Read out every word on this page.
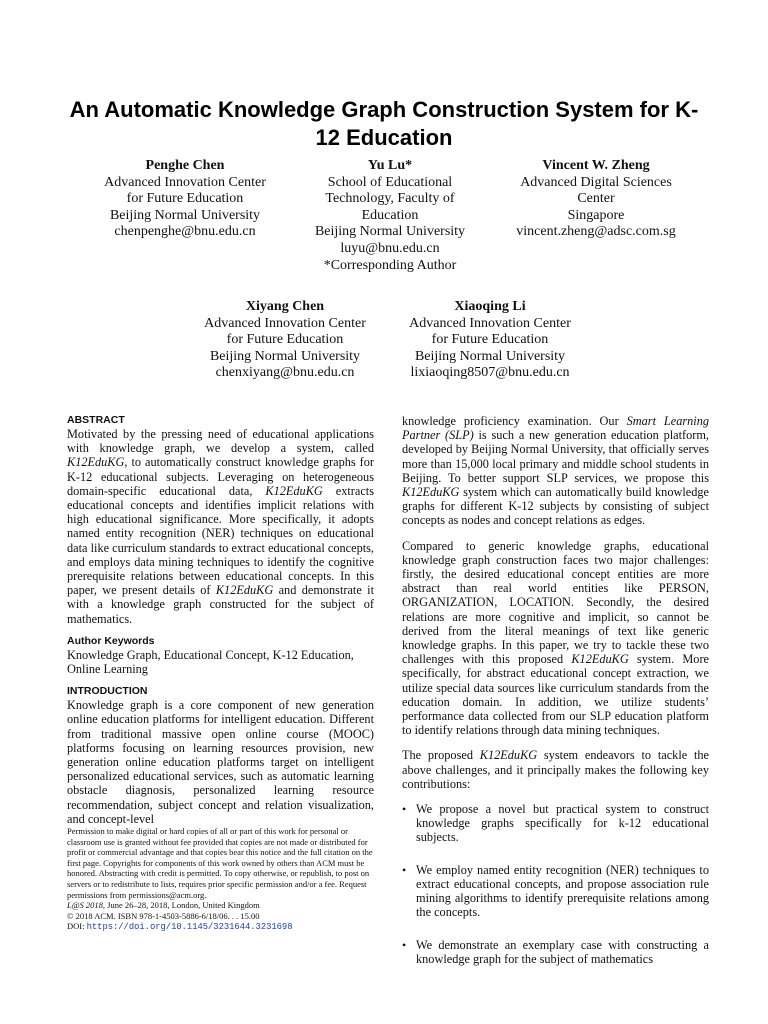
An Automatic Knowledge Graph Construction System for K-12 Education
Penghe Chen
Advanced Innovation Center
for Future Education
Beijing Normal University
chenpenghe@bnu.edu.cn
Yu Lu*
School of Educational
Technology, Faculty of
Education
Beijing Normal University
luyu@bnu.edu.cn
*Corresponding Author
Vincent W. Zheng
Advanced Digital Sciences
Center
Singapore
vincent.zheng@adsc.com.sg
Xiyang Chen
Advanced Innovation Center
for Future Education
Beijing Normal University
chenxiyang@bnu.edu.cn
Xiaoqing Li
Advanced Innovation Center
for Future Education
Beijing Normal University
lixiaoqing8507@bnu.edu.cn
ABSTRACT

Motivated by the pressing need of educational applications with knowledge graph, we develop a system, called K12EduKG, to automatically construct knowledge graphs for K-12 educational subjects. Leveraging on heterogeneous domain-specific educational data, K12EduKG extracts educational concepts and identifies implicit relations with high educational significance. More specifically, it adopts named entity recognition (NER) techniques on educational data like curriculum standards to extract educational concepts, and employs data mining techniques to identify the cognitive prerequisite relations between educational concepts. In this paper, we present details of K12EduKG and demonstrate it with a knowledge graph constructed for the subject of mathematics.

Author Keywords

Knowledge Graph, Educational Concept, K-12 Education, Online Learning

INTRODUCTION

Knowledge graph is a core component of new generation online education platforms for intelligent education. Different from traditional massive open online course (MOOC) platforms focusing on learning resources provision, new generation online education platforms target on intelligent personalized educational services, such as automatic learning obstacle diagnosis, personalized learning resource recommendation, subject concept and relation visualization, and concept-level

Permission to make digital or hard copies of all or part of this work for personal or classroom use is granted without fee provided that copies are not made or distributed for profit or commercial advantage and that copies bear this notice and the full citation on the first page. Copyrights for components of this work owned by others than ACM must be honored. Abstracting with credit is permitted. To copy otherwise, or republish, to post on servers or to redistribute to lists, requires prior specific permission and/or a fee. Request permissions from permissions@acm.org.
L@S 2018, June 26–28, 2018, London, United Kingdom
© 2018 ACM. ISBN 978-1-4503-5886-6/18/06. . . 15.00
DOI: https://doi.org/10.1145/3231644.3231698

knowledge proficiency examination. Our Smart Learning Partner (SLP) is such a new generation education platform, developed by Beijing Normal University, that officially serves more than 15,000 local primary and middle school students in Beijing. To better support SLP services, we propose this K12EduKG system which can automatically build knowledge graphs for different K-12 subjects by consisting of subject concepts as nodes and concept relations as edges.

Compared to generic knowledge graphs, educational knowledge graph construction faces two major challenges: firstly, the desired educational concept entities are more abstract than real world entities like PERSON, ORGANIZATION, LOCATION. Secondly, the desired relations are more cognitive and implicit, so cannot be derived from the literal meanings of text like generic knowledge graphs. In this paper, we try to tackle these two challenges with this proposed K12EduKG system. More specifically, for abstract educational concept extraction, we utilize special data sources like curriculum standards from the education domain. In addition, we utilize students’ performance data collected from our SLP education platform to identify relations through data mining techniques.

The proposed K12EduKG system endeavors to tackle the above challenges, and it principally makes the following key contributions:

• We propose a novel but practical system to construct knowledge graphs specifically for k-12 educational subjects.
• We employ named entity recognition (NER) techniques to extract educational concepts, and propose association rule mining algorithms to identify prerequisite relations among the concepts.
• We demonstrate an exemplary case with constructing a knowledge graph for the subject of mathematics
